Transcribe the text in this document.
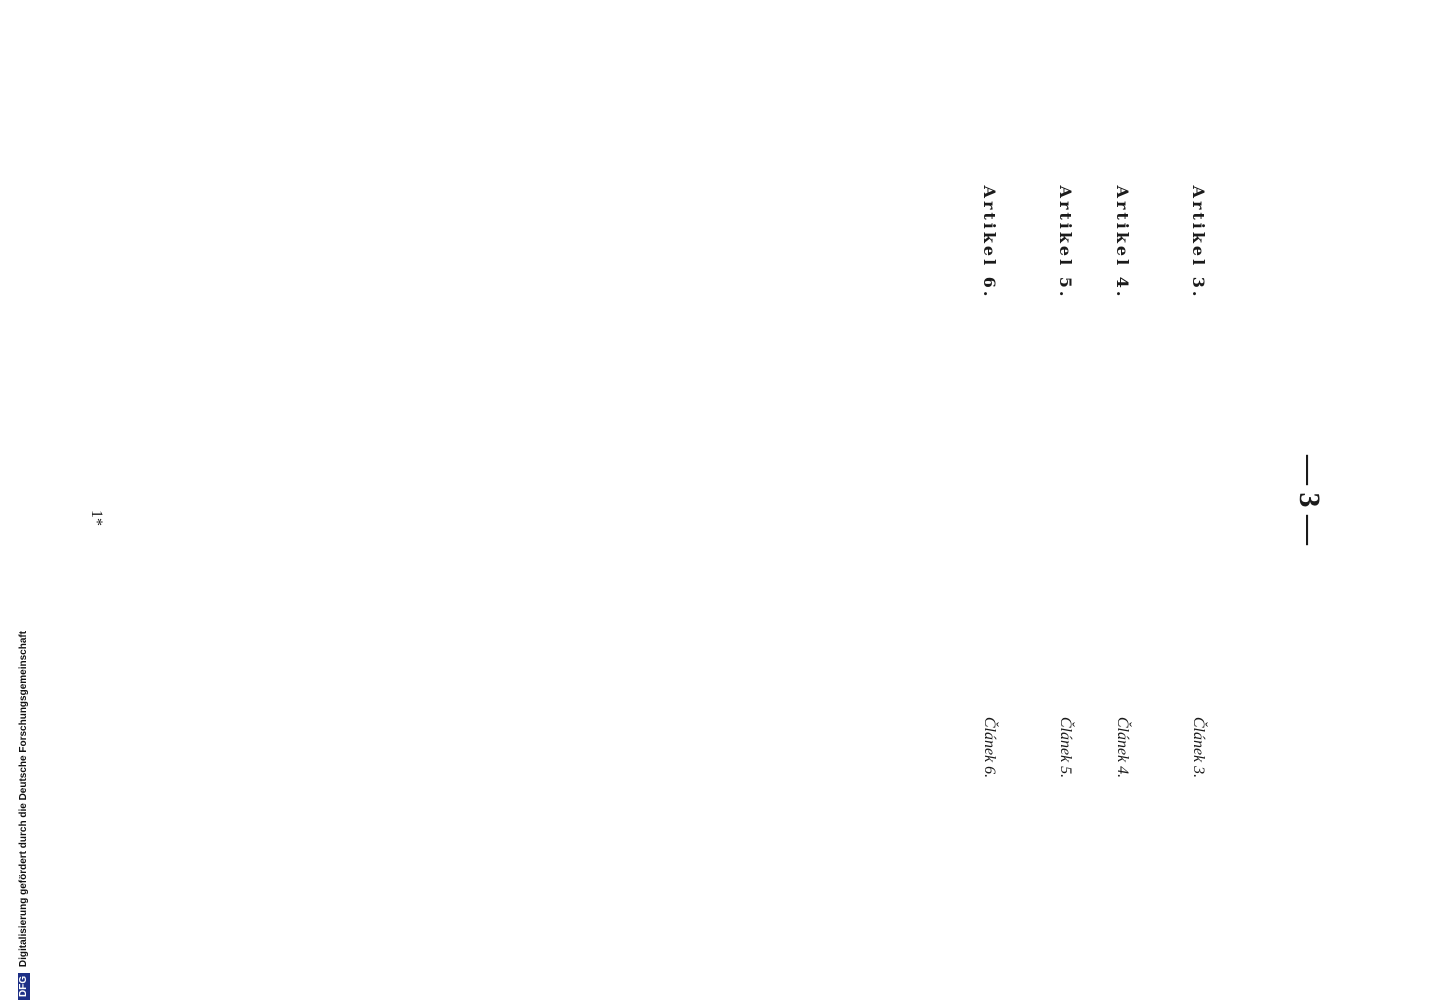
— 3 —

Artikel 3.

Artikel 4.

Artikel 5.

Artikel 6.

Článek 3.

Článek 4.

Článek 5.

Článek 6.

1*
DFG Digitalisierung gefördert durch die Deutsche Forschungsgemeinschaft
